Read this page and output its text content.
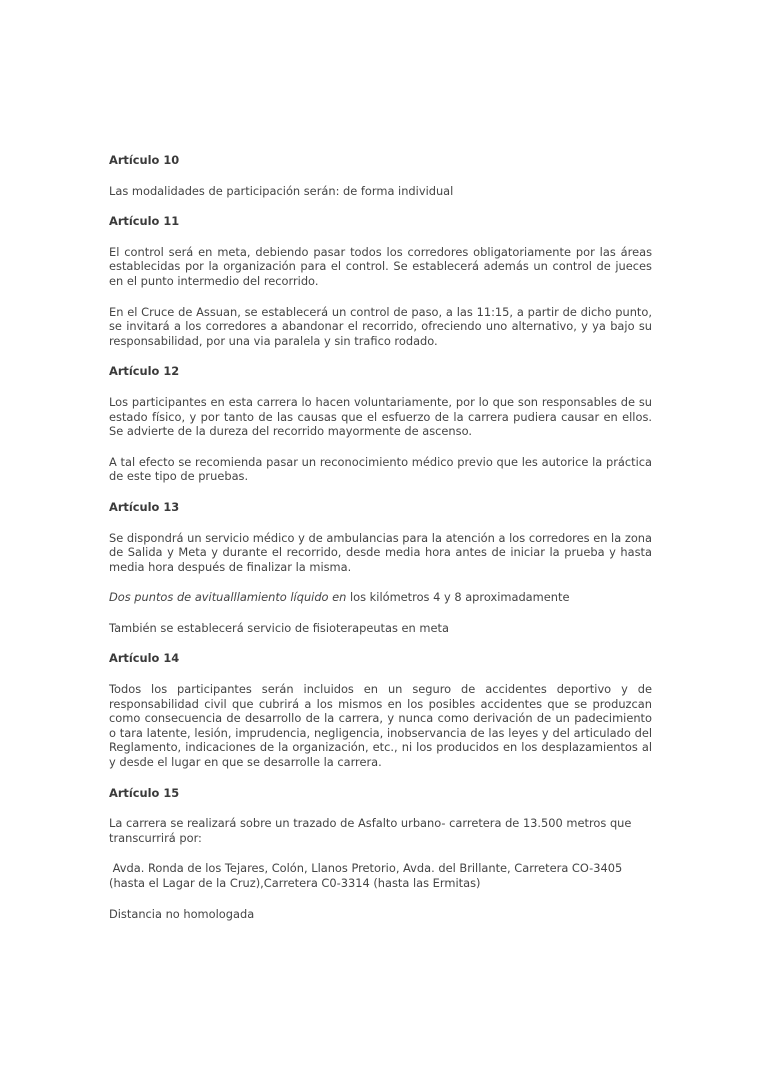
Artículo 10

Las modalidades de participación serán: de forma individual

Artículo 11

El control será en meta, debiendo pasar todos los corredores obligatoriamente por las áreas establecidas por la organización para el control. Se establecerá además un control de jueces en el punto intermedio del recorrido.

En el Cruce de Assuan, se establecerá un control de paso, a las 11:15, a partir de dicho punto, se invitará a los corredores a abandonar el recorrido, ofreciendo uno alternativo, y ya bajo su responsabilidad, por una via paralela y sin trafico rodado.

Artículo 12

Los participantes en esta carrera lo hacen voluntariamente, por lo que son responsables de su estado físico, y por tanto de las causas que el esfuerzo de la carrera pudiera causar en ellos. Se advierte de la dureza del recorrido mayormente de ascenso.

A tal efecto se recomienda pasar un reconocimiento médico previo que les autorice la práctica de este tipo de pruebas.

Artículo 13

Se dispondrá un servicio médico y de ambulancias para la atención a los corredores en la zona de Salida y Meta y durante el recorrido, desde media hora antes de iniciar la prueba y hasta media hora después de finalizar la misma.

Dos puntos de avitualllamiento líquido en los kilómetros 4 y 8 aproximadamente

También se establecerá servicio de fisioterapeutas en meta

Artículo 14

Todos los participantes serán incluidos en un seguro de accidentes deportivo y de responsabilidad civil que cubrirá a los mismos en los posibles accidentes que se produzcan como consecuencia de desarrollo de la carrera, y nunca como derivación de un padecimiento o tara latente, lesión, imprudencia, negligencia, inobservancia de las leyes y del articulado del Reglamento, indicaciones de la organización, etc., ni los producidos en los desplazamientos al y desde el lugar en que se desarrolle la carrera.

Artículo 15

La carrera se realizará sobre un trazado de Asfalto urbano- carretera de 13.500 metros que transcurrirá por:

Avda. Ronda de los Tejares, Colón, Llanos Pretorio, Avda. del Brillante, Carretera CO-3405 (hasta el Lagar de la Cruz),Carretera C0-3314 (hasta las Ermitas)

Distancia no homologada
